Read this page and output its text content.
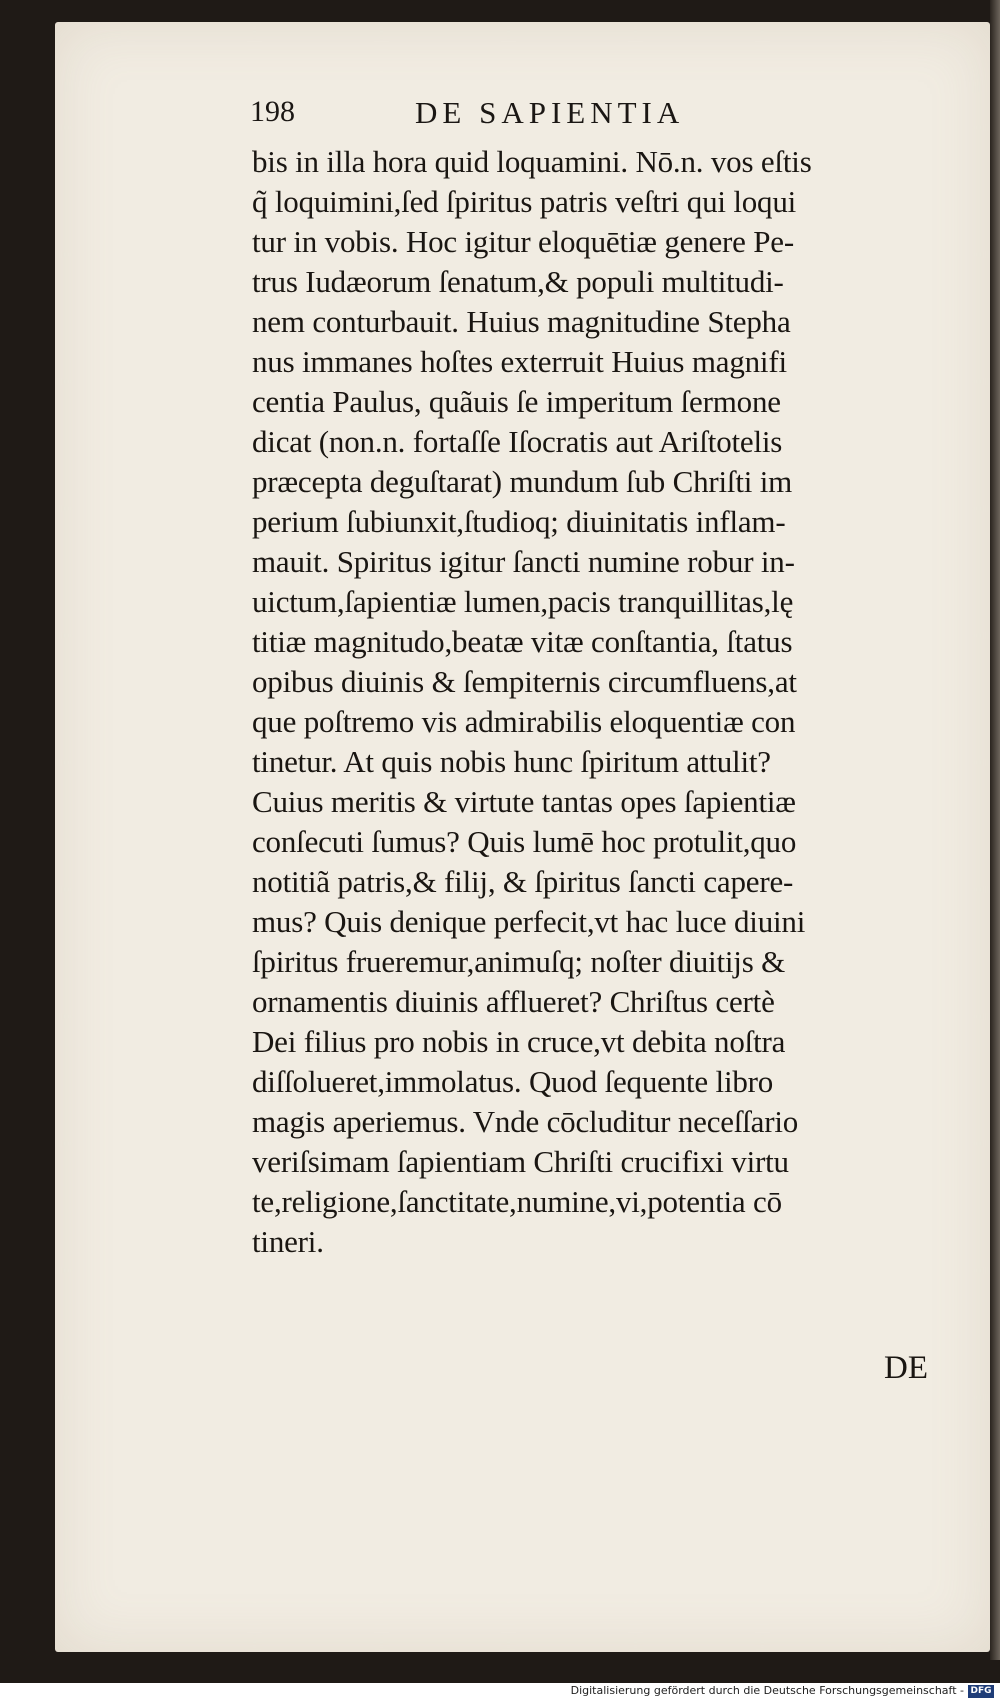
198	DE SAPIENTIA
bis in illa hora quid loquamini. Nō.n. vos eſtis
q̃ loquimini,ſed ſpiritus patris veſtri qui loqui
tur in vobis. Hoc igitur eloquētiæ genere Pe-
trus Iudæorum ſenatum,& populi multitudi-
nem conturbauit. Huius magnitudine Stepha
nus immanes hoſtes exterruit Huius magnifi
centia Paulus, quãuis ſe imperitum ſermone
dicat (non.n. fortaſſe Iſocratis aut Ariſtotelis
præcepta deguſtarat) mundum ſub Chriſti im
perium ſubiunxit,ſtudioq; diuinitatis inflam-
mauit. Spiritus igitur ſancti numine robur in-
uictum,ſapientiæ lumen,pacis tranquillitas,lę
titiæ magnitudo,beatæ vitæ conſtantia, ſtatus
opibus diuinis & ſempiternis circumfluens,at
que poſtremo vis admirabilis eloquentiæ con
tinetur. At quis nobis hunc ſpiritum attulit?
Cuius meritis & virtute tantas opes ſapientiæ
conſecuti ſumus? Quis lumē hoc protulit,quo
notitiã patris,& filij, & ſpiritus ſancti capere-
mus? Quis denique perfecit,vt hac luce diuini
ſpiritus frueremur,animuſq; noſter diuitijs &
ornamentis diuinis afflueret? Chriſtus certè
Dei filius pro nobis in cruce,vt debita noſtra
diſſolueret,immolatus. Quod ſequente libro
magis aperiemus. Vnde cōcluditur neceſſario
veriſsimam ſapientiam Chriſti crucifixi virtu
te,religione,ſanctitate,numine,vi,potentia cō
tineri.
DE
Digitalisierung gefördert durch die Deutsche Forschungsgemeinschaft - DFG
